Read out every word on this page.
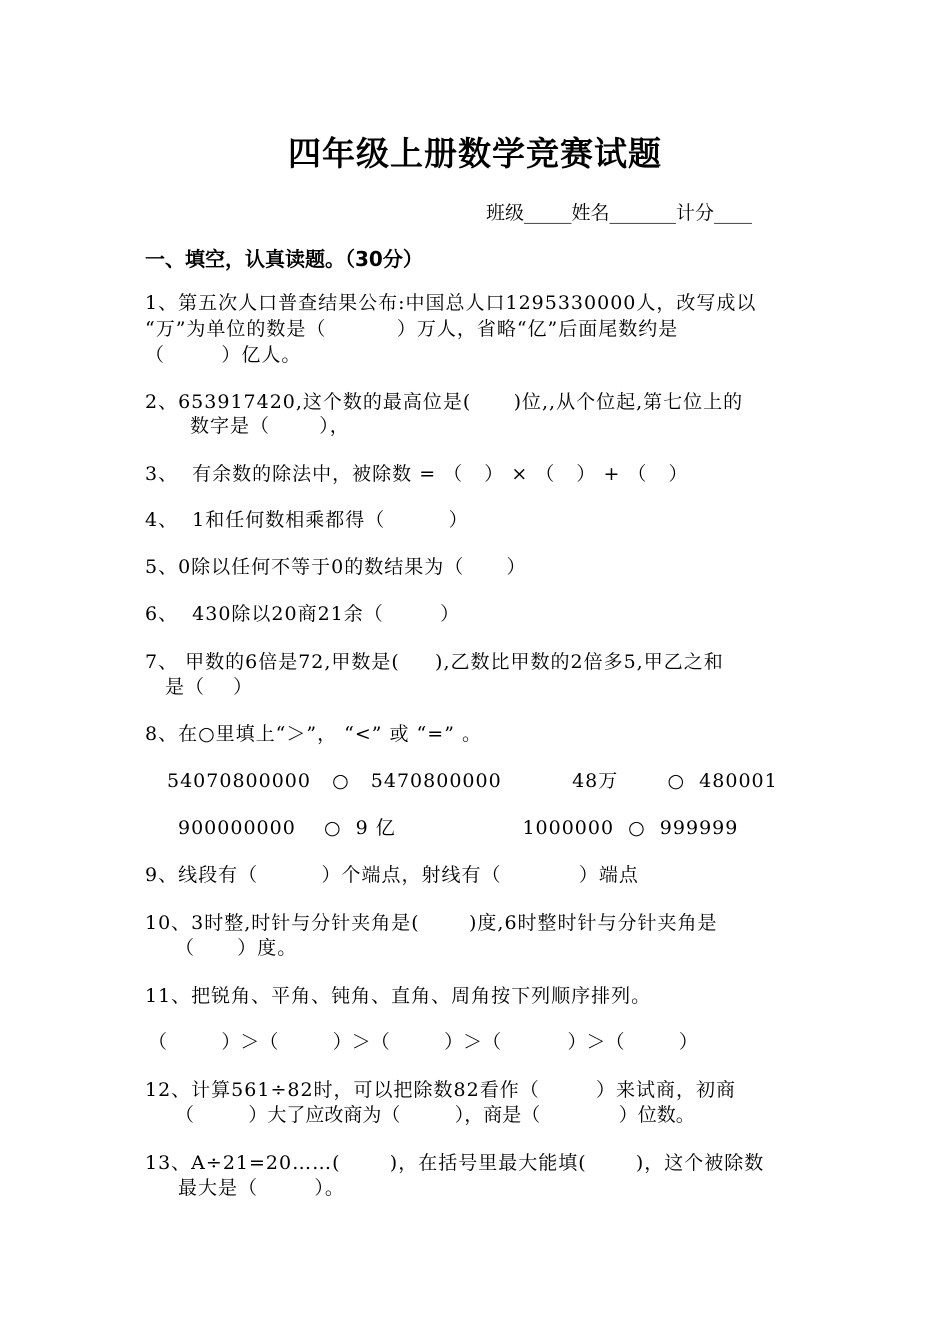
四年级上册数学竞赛试题
班级_____姓名_______计分____
一、填空，认真读题。（30分）
1、第五次人口普查结果公布:中国总人口1295330000人，改写成以
“万”为单位的数是（          ）万人，省略“亿”后面尾数约是
（        ）亿人。
2、653917420,这个数的最高位是(      )位,,从个位起,第七位上的
数字是（       ），
3、  有余数的除法中，被除数 = （   ） × （   ） + （   ）
4、  1和任何数相乘都得（         ）
5、0除以任何不等于0的数结果为（      ）
6、  430除以20商21余（        ）
7、 甲数的6倍是72,甲数是(     ),乙数比甲数的2倍多5,甲乙之和
是（    ）
8、在○里填上“＞”， “<” 或 “=” 。
54070800000   ○   5470800000          48万       ○  480001
900000000    ○  9 亿                  1000000  ○  999999
9、线段有（         ）个端点，射线有（           ）端点
10、3时整,时针与分针夹角是(       )度,6时整时针与分针夹角是
（      ）度。
11、把锐角、平角、钝角、直角、周角按下列顺序排列。
（         ）＞（         ）＞（         ）＞（           ）＞（         ）
12、计算561÷82时，可以把除数82看作（        ）来试商，初商
（         ）大了应改商为（         ），商是（             ）位数。
13、A÷21=20……(       )，在括号里最大能填(       )，这个被除数
最大是（        ）。
